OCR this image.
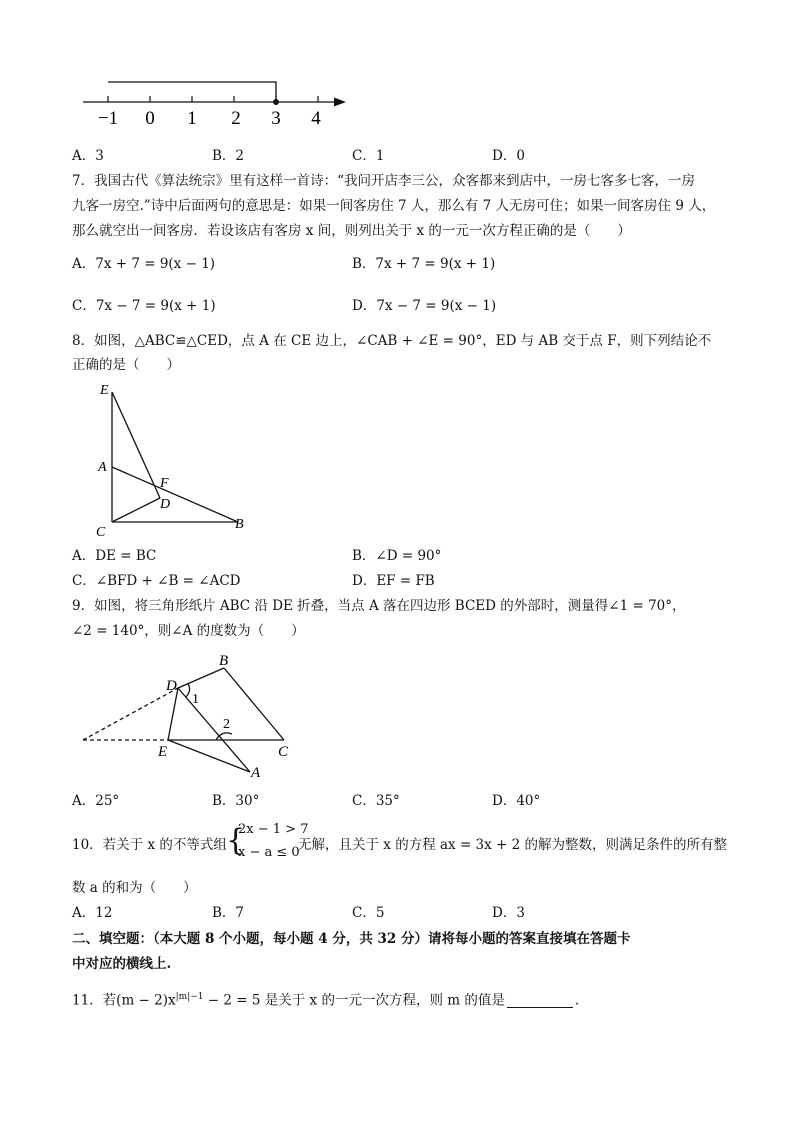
−1 0 1 2 3 4
A．3	B．2	C．1	D．0
7．我国古代《算法统宗》里有这样一首诗：“我问开店李三公，众客都来到店中，一房七客多七客，一房
九客一房空.”诗中后面两句的意思是：如果一间客房住 7 人，那么有 7 人无房可住；如果一间客房住 9 人，
那么就空出一间客房．若设该店有客房 x 间，则列出关于 x 的一元一次方程正确的是（　　）
A．7x + 7 = 9(x − 1)	B．7x + 7 = 9(x + 1)
C．7x − 7 = 9(x + 1)	D．7x − 7 = 9(x − 1)
8．如图，△ABC≌△CED，点 A 在 CE 边上，∠CAB + ∠E = 90°，ED 与 AB 交于点 F，则下列结论不
正确的是（　　）
E
A
F
D
C
B
A．DE = BC	B．∠D = 90°
C．∠BFD + ∠B = ∠ACD	D．EF = FB
9．如图，将三角形纸片 ABC 沿 DE 折叠，当点 A 落在四边形 BCED 的外部时，测量得∠1 = 70°，
∠2 = 140°，则∠A 的度数为（　　）
B
D
1
2
E	C
A
A．25°	B．30°	C．35°	D．40°
10．若关于 x 的不等式组 {
2x − 1 > 7
x − a ≤ 0
无解，且关于 x 的方程 ax = 3x + 2 的解为整数，则满足条件的所有整
数 a 的和为（　　）
A．12	B．7	C．5	D．3
二、填空题：（本大题 8 个小题，每小题 4 分，共 32 分）请将每小题的答案直接填在答题卡
中对应的横线上.
11．若$(m - 2)x^{|m|-1} - 2 = 5$ 是关于 x 的一元一次方程，则 m 的值是	．
